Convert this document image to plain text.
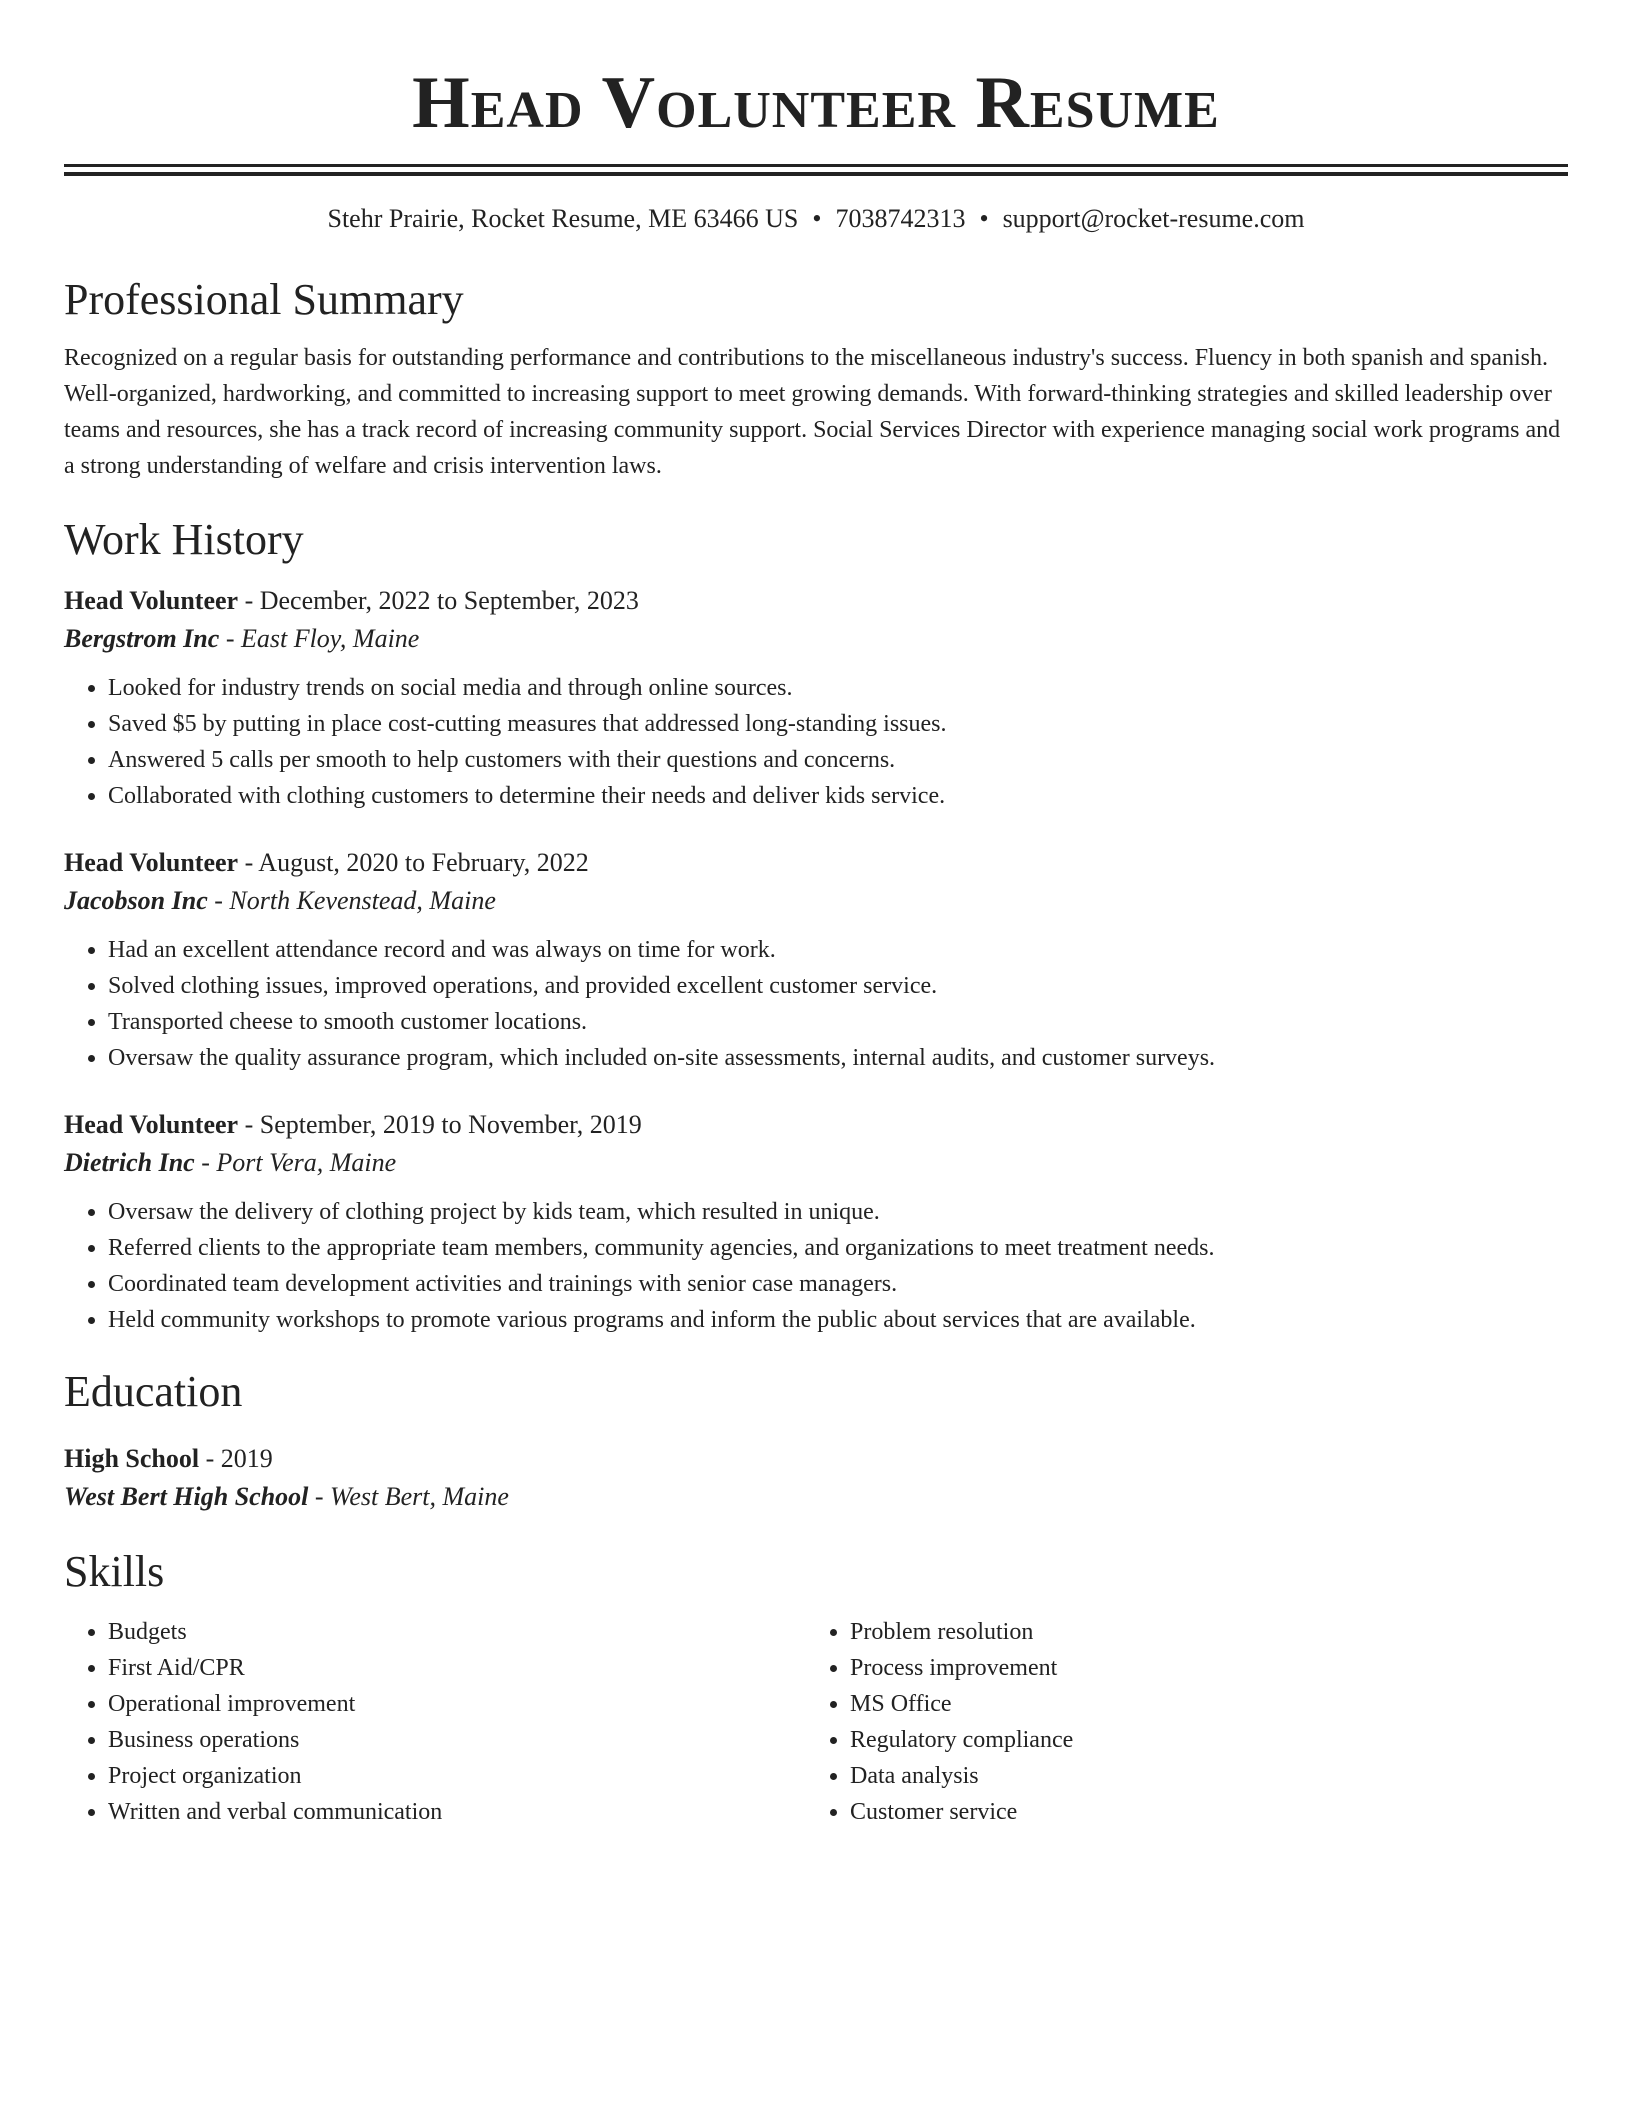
Head Volunteer Resume
Stehr Prairie, Rocket Resume, ME 63466 US • 7038742313 • support@rocket-resume.com
Professional Summary
Recognized on a regular basis for outstanding performance and contributions to the miscellaneous industry's success. Fluency in both spanish and spanish. Well-organized, hardworking, and committed to increasing support to meet growing demands. With forward-thinking strategies and skilled leadership over teams and resources, she has a track record of increasing community support. Social Services Director with experience managing social work programs and a strong understanding of welfare and crisis intervention laws.
Work History
Head Volunteer - December, 2022 to September, 2023
Bergstrom Inc - East Floy, Maine
• Looked for industry trends on social media and through online sources.
• Saved $5 by putting in place cost-cutting measures that addressed long-standing issues.
• Answered 5 calls per smooth to help customers with their questions and concerns.
• Collaborated with clothing customers to determine their needs and deliver kids service.
Head Volunteer - August, 2020 to February, 2022
Jacobson Inc - North Kevenstead, Maine
• Had an excellent attendance record and was always on time for work.
• Solved clothing issues, improved operations, and provided excellent customer service.
• Transported cheese to smooth customer locations.
• Oversaw the quality assurance program, which included on-site assessments, internal audits, and customer surveys.
Head Volunteer - September, 2019 to November, 2019
Dietrich Inc - Port Vera, Maine
• Oversaw the delivery of clothing project by kids team, which resulted in unique.
• Referred clients to the appropriate team members, community agencies, and organizations to meet treatment needs.
• Coordinated team development activities and trainings with senior case managers.
• Held community workshops to promote various programs and inform the public about services that are available.
Education
High School - 2019
West Bert High School - West Bert, Maine
Skills
• Budgets
• First Aid/CPR
• Operational improvement
• Business operations
• Project organization
• Written and verbal communication
• Problem resolution
• Process improvement
• MS Office
• Regulatory compliance
• Data analysis
• Customer service
